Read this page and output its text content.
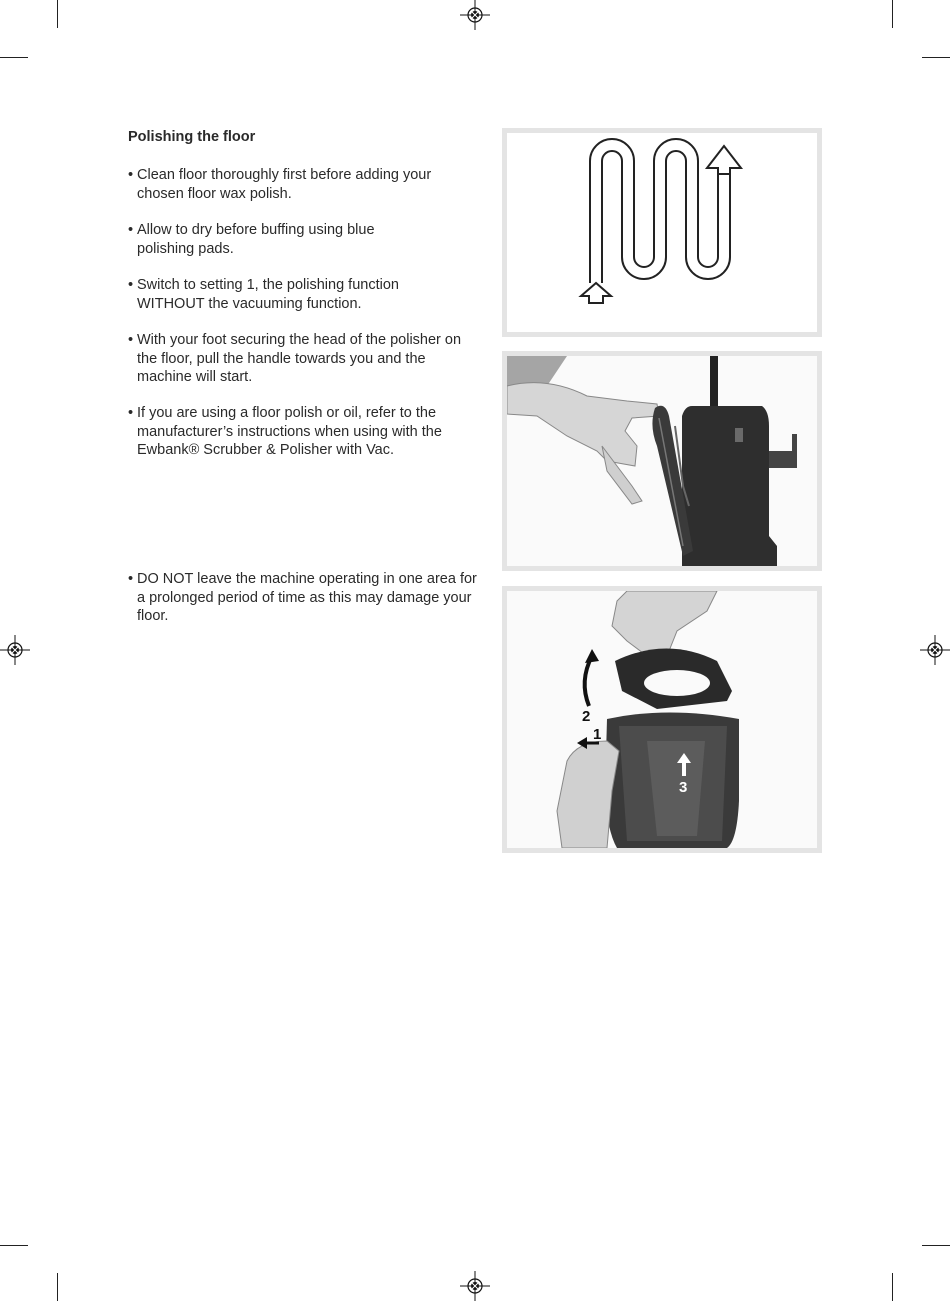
Polishing the floor
• Clean floor thoroughly first before adding your chosen floor wax polish.
• Allow to dry before buffing using blue polishing pads.
• Switch to setting 1, the polishing function WITHOUT the vacuuming function.
• With your foot securing the head of the polisher on the floor, pull the handle towards you and the machine will start.
• If you are using a floor polish or oil, refer to the manufacturer’s instructions when using with the Ewbank® Scrubber & Polisher with Vac.
• DO NOT leave the machine operating in one area for a prolonged period of time as this may damage your floor.
2
1
3
